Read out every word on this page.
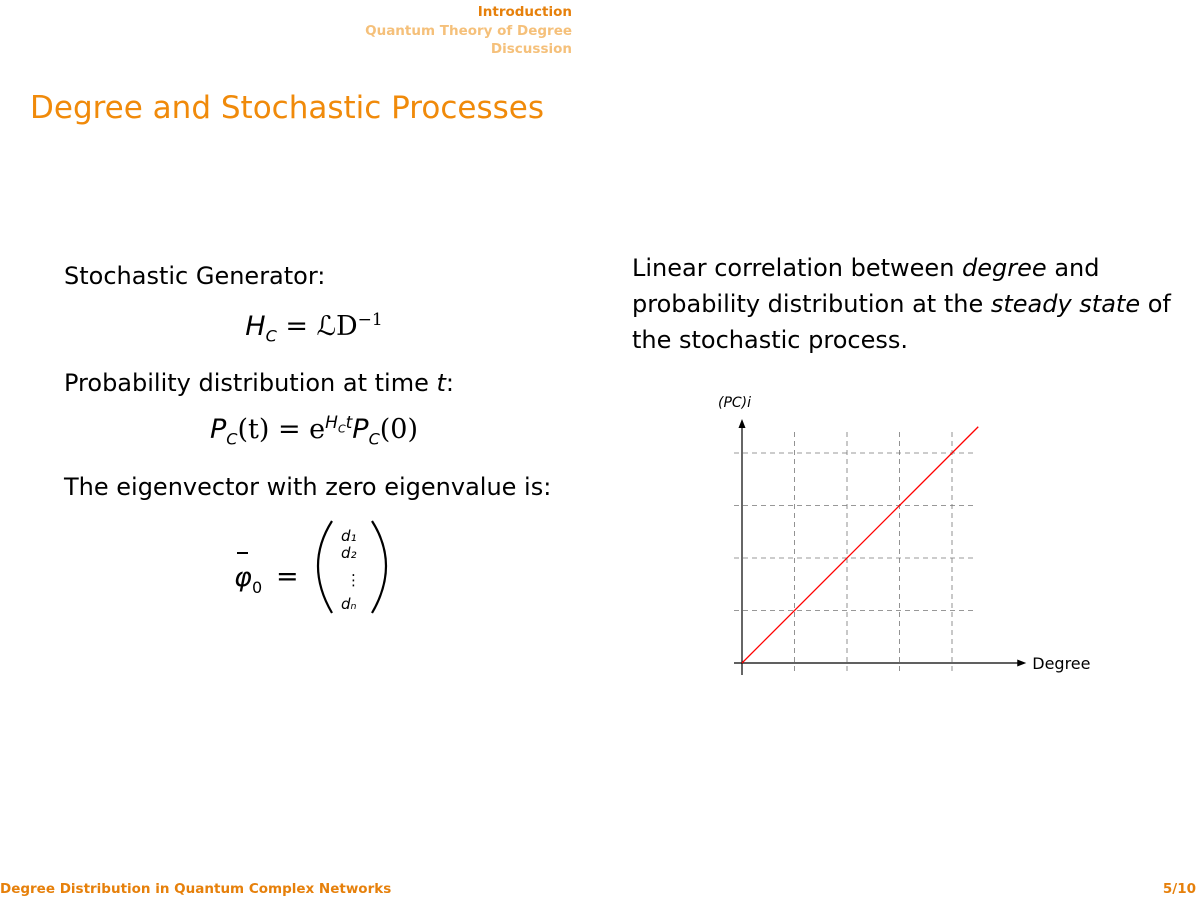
Introduction
Quantum Theory of Degree
Discussion
Degree and Stochastic Processes
Stochastic Generator:
$H_C$ = ℒD$^{-1}$
Probability distribution at time t:
$P_C(t) = e^{H_Ct}P_C(0)$
The eigenvector with zero eigenvalue is:
φ 0 =
d₁
d₂
⋮
dₙ
Linear correlation between degree and probability distribution at the steady state of the stochastic process.
Degree
(PC)i
Degree Distribution in Quantum Complex Networks	5/10
